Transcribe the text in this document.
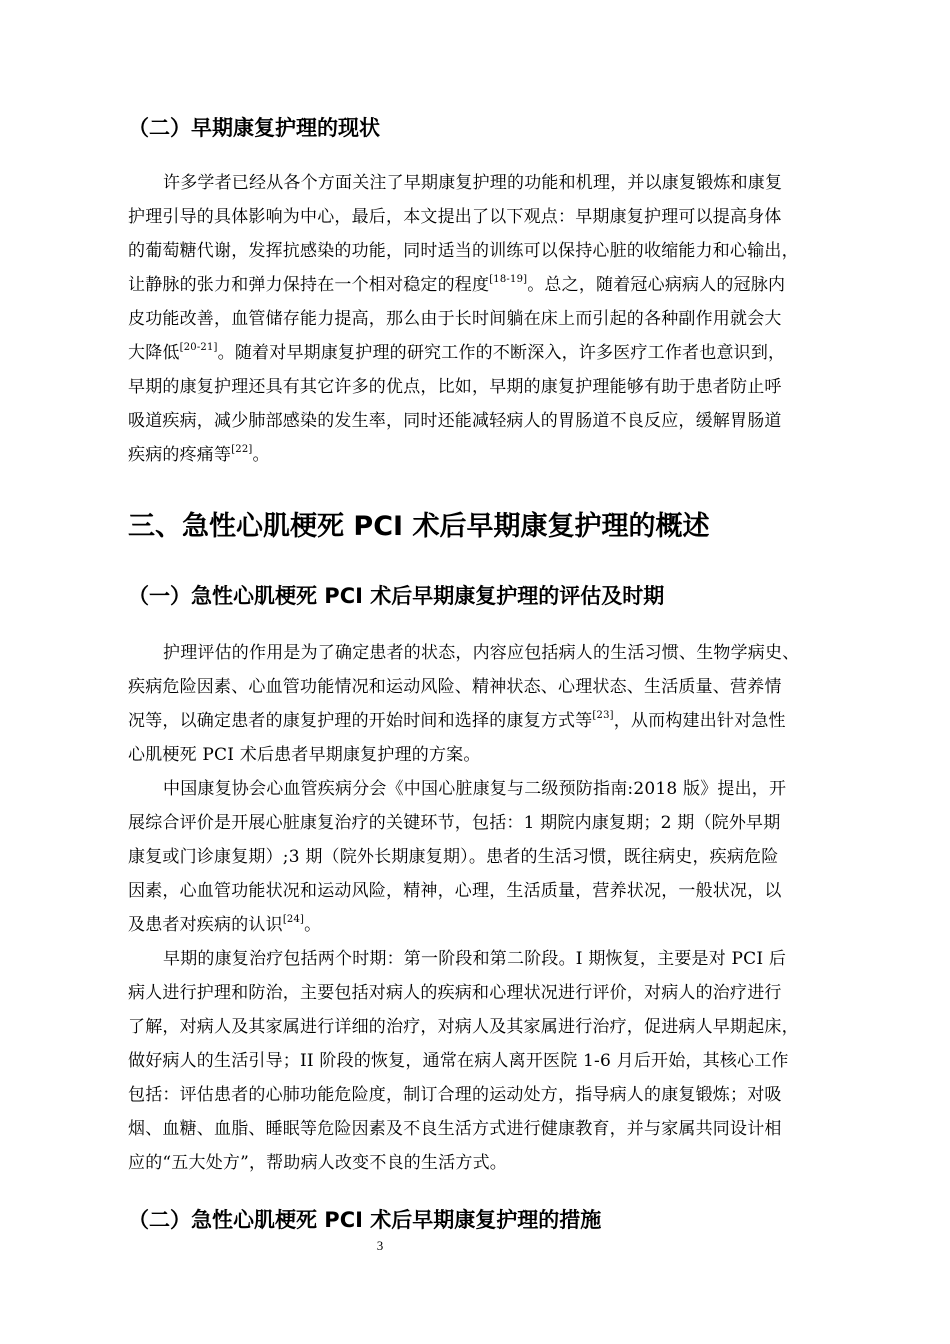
（二）早期康复护理的现状
许多学者已经从各个方面关注了早期康复护理的功能和机理，并以康复锻炼和康复
护理引导的具体影响为中心，最后，本文提出了以下观点：早期康复护理可以提高身体
的葡萄糖代谢，发挥抗感染的功能，同时适当的训练可以保持心脏的收缩能力和心输出，
让静脉的张力和弹力保持在一个相对稳定的程度[18-19]。总之，随着冠心病病人的冠脉内
皮功能改善，血管储存能力提高，那么由于长时间躺在床上而引起的各种副作用就会大
大降低[20-21]。随着对早期康复护理的研究工作的不断深入，许多医疗工作者也意识到，
早期的康复护理还具有其它许多的优点，比如，早期的康复护理能够有助于患者防止呼
吸道疾病，减少肺部感染的发生率，同时还能减轻病人的胃肠道不良反应，缓解胃肠道
疾病的疼痛等[22]。
三、急性心肌梗死 PCI 术后早期康复护理的概述
（一）急性心肌梗死 PCI 术后早期康复护理的评估及时期
护理评估的作用是为了确定患者的状态，内容应包括病人的生活习惯、生物学病史、
疾病危险因素、心血管功能情况和运动风险、精神状态、心理状态、生活质量、营养情
况等，以确定患者的康复护理的开始时间和选择的康复方式等[23]，从而构建出针对急性
心肌梗死 PCI 术后患者早期康复护理的方案。
中国康复协会心血管疾病分会《中国心脏康复与二级预防指南:2018 版》提出，开
展综合评价是开展心脏康复治疗的关键环节，包括：1 期院内康复期；2 期（院外早期
康复或门诊康复期）;3 期（院外长期康复期）。患者的生活习惯，既往病史，疾病危险
因素，心血管功能状况和运动风险，精神，心理，生活质量，营养状况，一般状况，以
及患者对疾病的认识[24]。
早期的康复治疗包括两个时期：第一阶段和第二阶段。I 期恢复，主要是对 PCI 后
病人进行护理和防治，主要包括对病人的疾病和心理状况进行评价，对病人的治疗进行
了解，对病人及其家属进行详细的治疗，对病人及其家属进行治疗，促进病人早期起床，
做好病人的生活引导；II 阶段的恢复，通常在病人离开医院 1-6 月后开始，其核心工作
包括：评估患者的心肺功能危险度，制订合理的运动处方，指导病人的康复锻炼；对吸
烟、血糖、血脂、睡眠等危险因素及不良生活方式进行健康教育，并与家属共同设计相
应的“五大处方”，帮助病人改变不良的生活方式。
（二）急性心肌梗死 PCI 术后早期康复护理的措施
3
